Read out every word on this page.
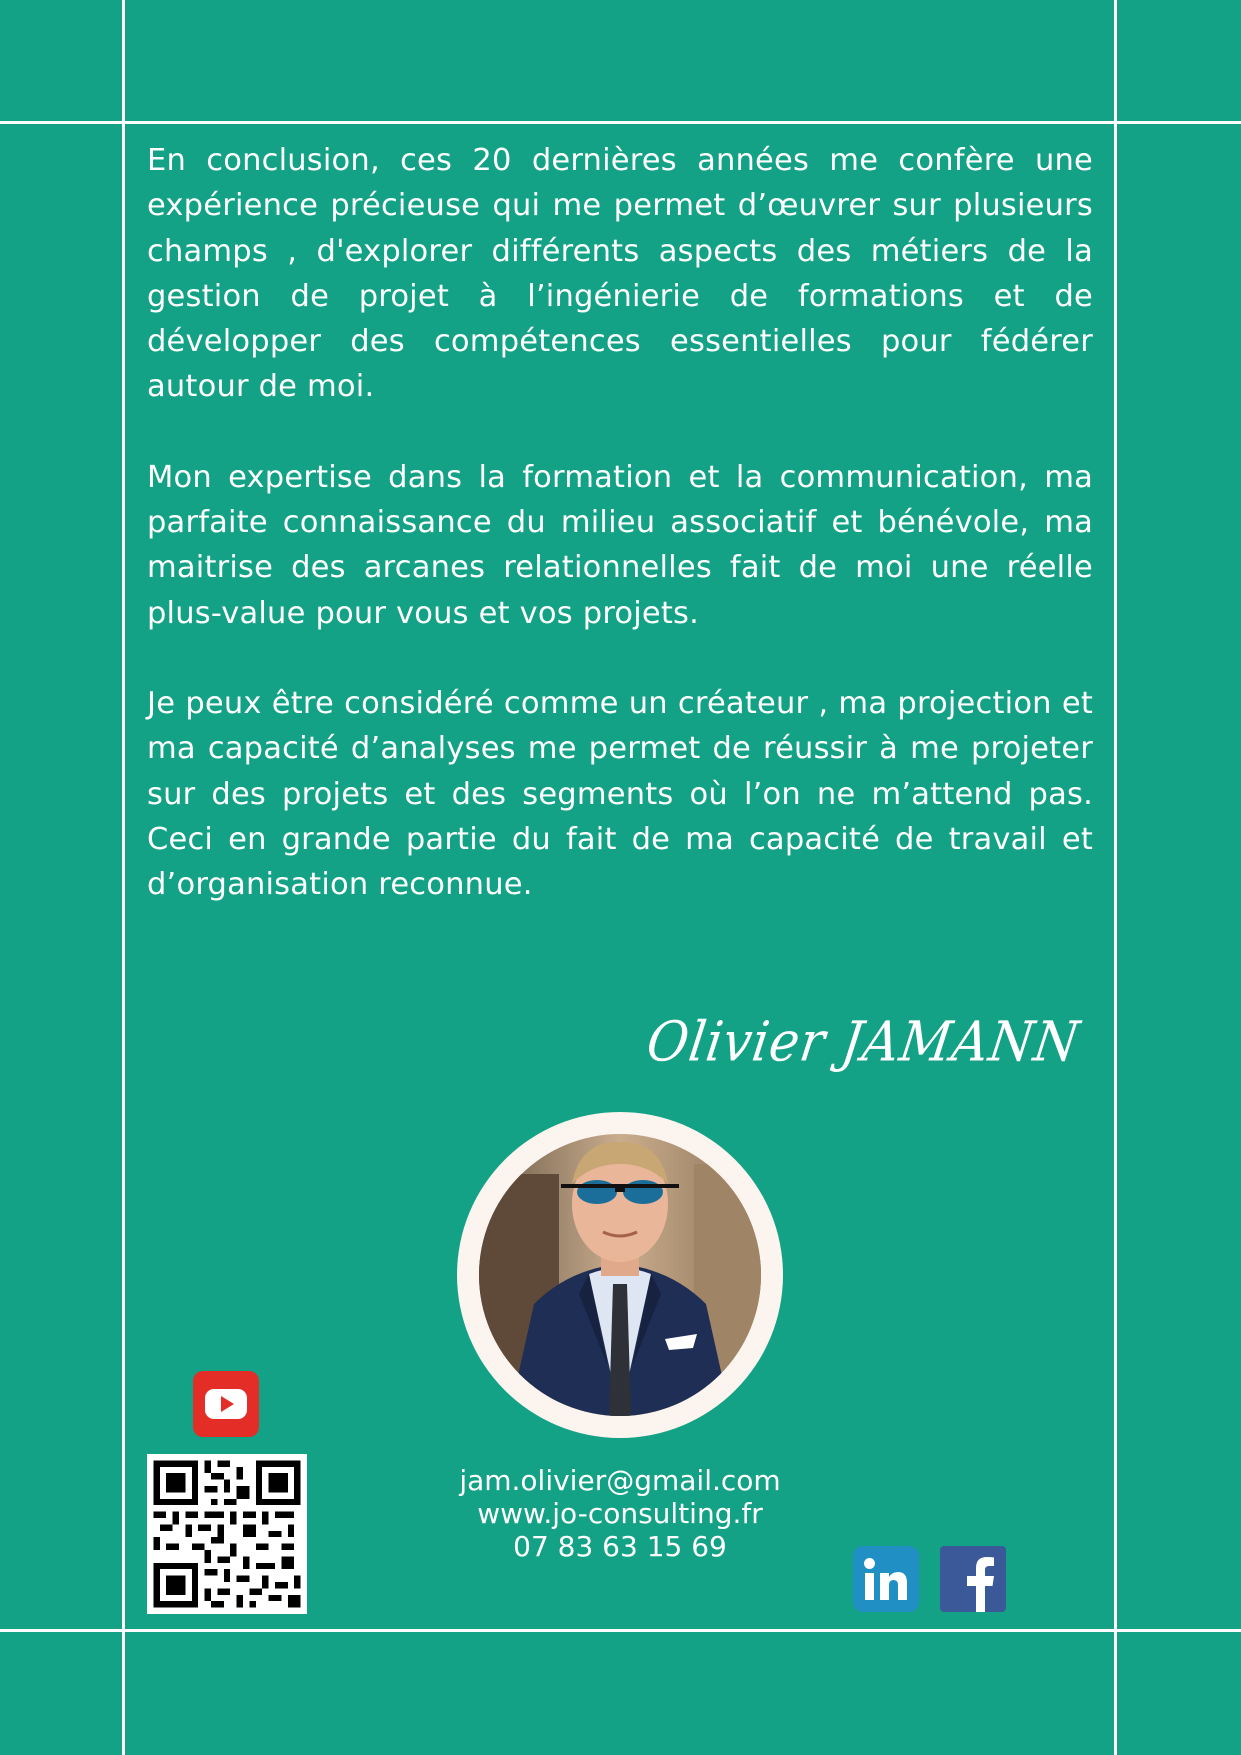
En conclusion, ces 20 dernières années me confère une expérience précieuse qui me permet d’œuvrer sur plusieurs champs , d'explorer différents aspects des métiers de la gestion de projet à l’ingénierie de formations et de développer des compétences essentielles pour fédérer autour de moi.

Mon expertise dans la formation et la communication, ma parfaite connaissance du milieu associatif et bénévole, ma maitrise des arcanes relationnelles fait de moi une réelle plus-value pour vous et vos projets.

Je peux être considéré comme un créateur , ma projection et ma capacité d’analyses me permet de réussir à me projeter sur des projets et des segments où l’on ne m’attend pas. Ceci en grande partie du fait de ma capacité de travail et d’organisation reconnue.

Olivier JAMANN
jam.olivier@gmail.com
www.jo-consulting.fr
07 83 63 15 69
